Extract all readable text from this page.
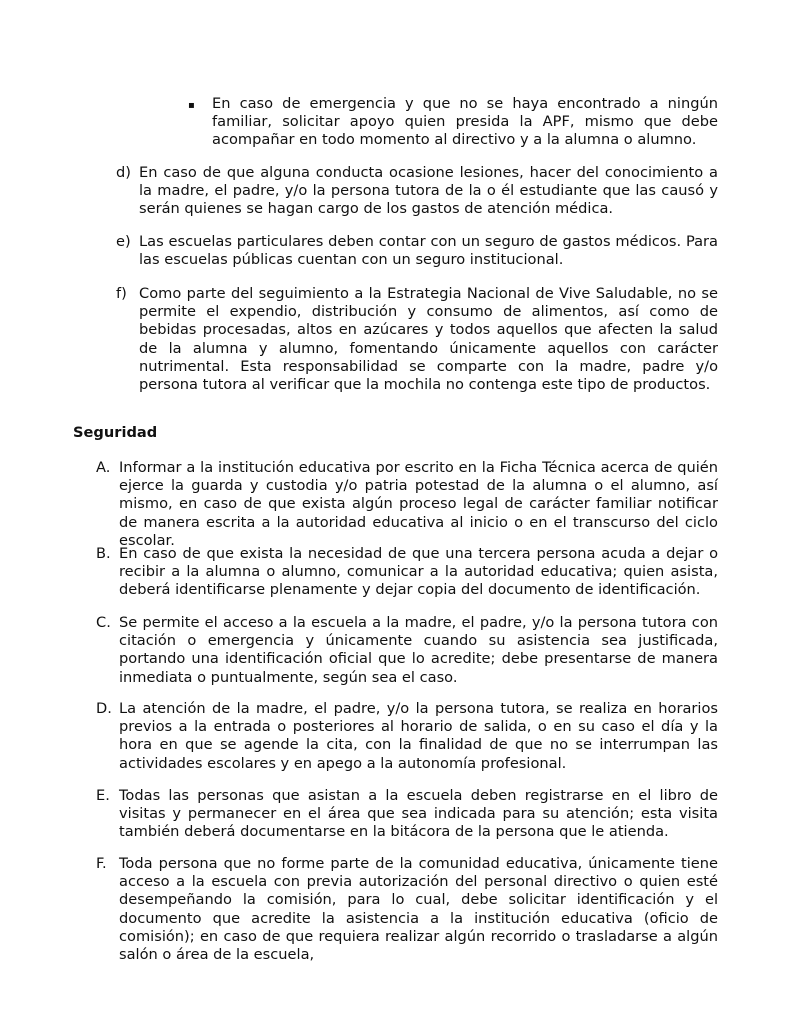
▪ En caso de emergencia y que no se haya encontrado a ningún familiar, solicitar apoyo quien presida la APF, mismo que debe acompañar en todo momento al directivo y a la alumna o alumno.

d) En caso de que alguna conducta ocasione lesiones, hacer del conocimiento a la madre, el padre, y/o la persona tutora de la o él estudiante que las causó y serán quienes se hagan cargo de los gastos de atención médica.

e) Las escuelas particulares deben contar con un seguro de gastos médicos. Para las escuelas públicas cuentan con un seguro institucional.

f) Como parte del seguimiento a la Estrategia Nacional de Vive Saludable, no se permite el expendio, distribución y consumo de alimentos, así como de bebidas procesadas, altos en azúcares y todos aquellos que afecten la salud de la alumna y alumno, fomentando únicamente aquellos con carácter nutrimental. Esta responsabilidad se comparte con la madre, padre y/o persona tutora al verificar que la mochila no contenga este tipo de productos.

Seguridad
A. Informar a la institución educativa por escrito en la Ficha Técnica acerca de quién ejerce la guarda y custodia y/o patria potestad de la alumna o el alumno, así mismo, en caso de que exista algún proceso legal de carácter familiar notificar de manera escrita a la autoridad educativa al inicio o en el transcurso del ciclo escolar.

B. En caso de que exista la necesidad de que una tercera persona acuda a dejar o recibir a la alumna o alumno, comunicar a la autoridad educativa; quien asista, deberá identificarse plenamente y dejar copia del documento de identificación.

C. Se permite el acceso a la escuela a la madre, el padre, y/o la persona tutora con citación o emergencia y únicamente cuando su asistencia sea justificada, portando una identificación oficial que lo acredite; debe presentarse de manera inmediata o puntualmente, según sea el caso.

D. La atención de la madre, el padre, y/o la persona tutora, se realiza en horarios previos a la entrada o posteriores al horario de salida, o en su caso el día y la hora en que se agende la cita, con la finalidad de que no se interrumpan las actividades escolares y en apego a la autonomía profesional.

E. Todas las personas que asistan a la escuela deben registrarse en el libro de visitas y permanecer en el área que sea indicada para su atención; esta visita también deberá documentarse en la bitácora de la persona que le atienda.

F. Toda persona que no forme parte de la comunidad educativa, únicamente tiene acceso a la escuela con previa autorización del personal directivo o quien esté desempeñando la comisión, para lo cual, debe solicitar identificación y el documento que acredite la asistencia a la institución educativa (oficio de comisión); en caso de que requiera realizar algún recorrido o trasladarse a algún salón o área de la escuela,
